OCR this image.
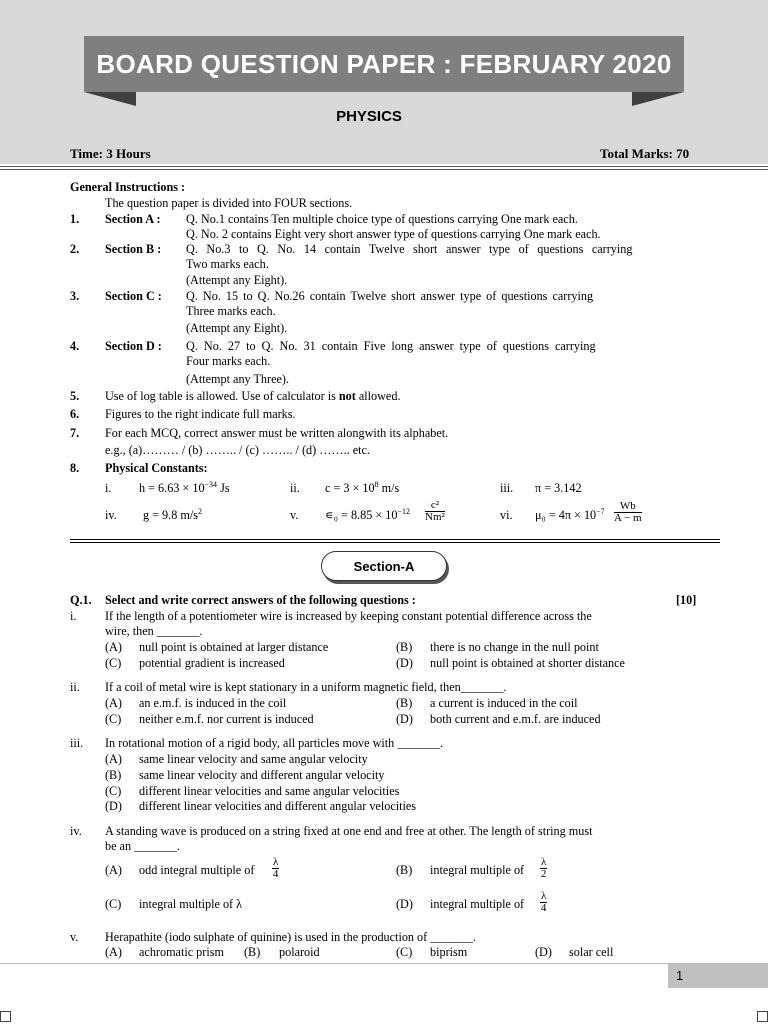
BOARD QUESTION PAPER : FEBRUARY 2020
PHYSICS
Time: 3 Hours	Total Marks: 70
General Instructions :
The question paper is divided into FOUR sections.
1. Section A : Q. No.1 contains Ten multiple choice type of questions carrying One mark each.
Q. No. 2 contains Eight very short answer type of questions carrying One mark each.
2. Section B : Q. No.3 to Q. No. 14 contain Twelve short answer type of questions carrying
Two marks each.
(Attempt any Eight).
3. Section C : Q. No. 15 to Q. No.26 contain Twelve short answer type of questions carrying
Three marks each.
(Attempt any Eight).
4. Section D : Q. No. 27 to Q. No. 31 contain Five long answer type of questions carrying
Four marks each.
(Attempt any Three).
5. Use of log table is allowed. Use of calculator is not allowed.
6. Figures to the right indicate full marks.
7. For each MCQ, correct answer must be written alongwith its alphabet.
e.g., (a)……… / (b) …….. / (c) …….. / (d) …….. etc.
8. Physical Constants:
i. $h = 6.63 \times 10^{-34}$ Js	ii. $c = 3 \times 10^8$ m/s	iii. π = 3.142
iv. g = 9.8 $m/s^2$	v. ∊₀ = $8.85 \times 10^{-12} \frac{\text{c²}}{\text{Nm²}}$	vi. $\mu_0 = 4\pi \times 10^{-7} \frac{Wb}{A - m}$
Section-A
Q.1. Select and write correct answers of the following questions :	[10]
i. If the length of a potentiometer wire is increased by keeping constant potential difference across the
wire, then _______.
(A) null point is obtained at larger distance	(B) there is no change in the null point
(C) potential gradient is increased	(D) null point is obtained at shorter distance
ii. If a coil of metal wire is kept stationary in a uniform magnetic field, then_______.
(A) an e.m.f. is induced in the coil	(B) a current is induced in the coil
(C) neither e.m.f. nor current is induced	(D) both current and e.m.f. are induced
iii. In rotational motion of a rigid body, all particles move with _______.
(A) same linear velocity and same angular velocity
(B) same linear velocity and different angular velocity
(C) different linear velocities and same angular velocities
(D) different linear velocities and different angular velocities
iv. A standing wave is produced on a string fixed at one end and free at other. The length of string must
be an _______.
(A) odd integral multiple of $\frac{\lambda}{4}$	(B) integral multiple of $\frac{\lambda}{2}$
(C) integral multiple of λ	(D) integral multiple of $\frac{\lambda}{4}$
v. Herapathite (iodo sulphate of quinine) is used in the production of _______.
(A) achromatic prism (B) polaroid	(C) biprism	(D) solar cell
1
